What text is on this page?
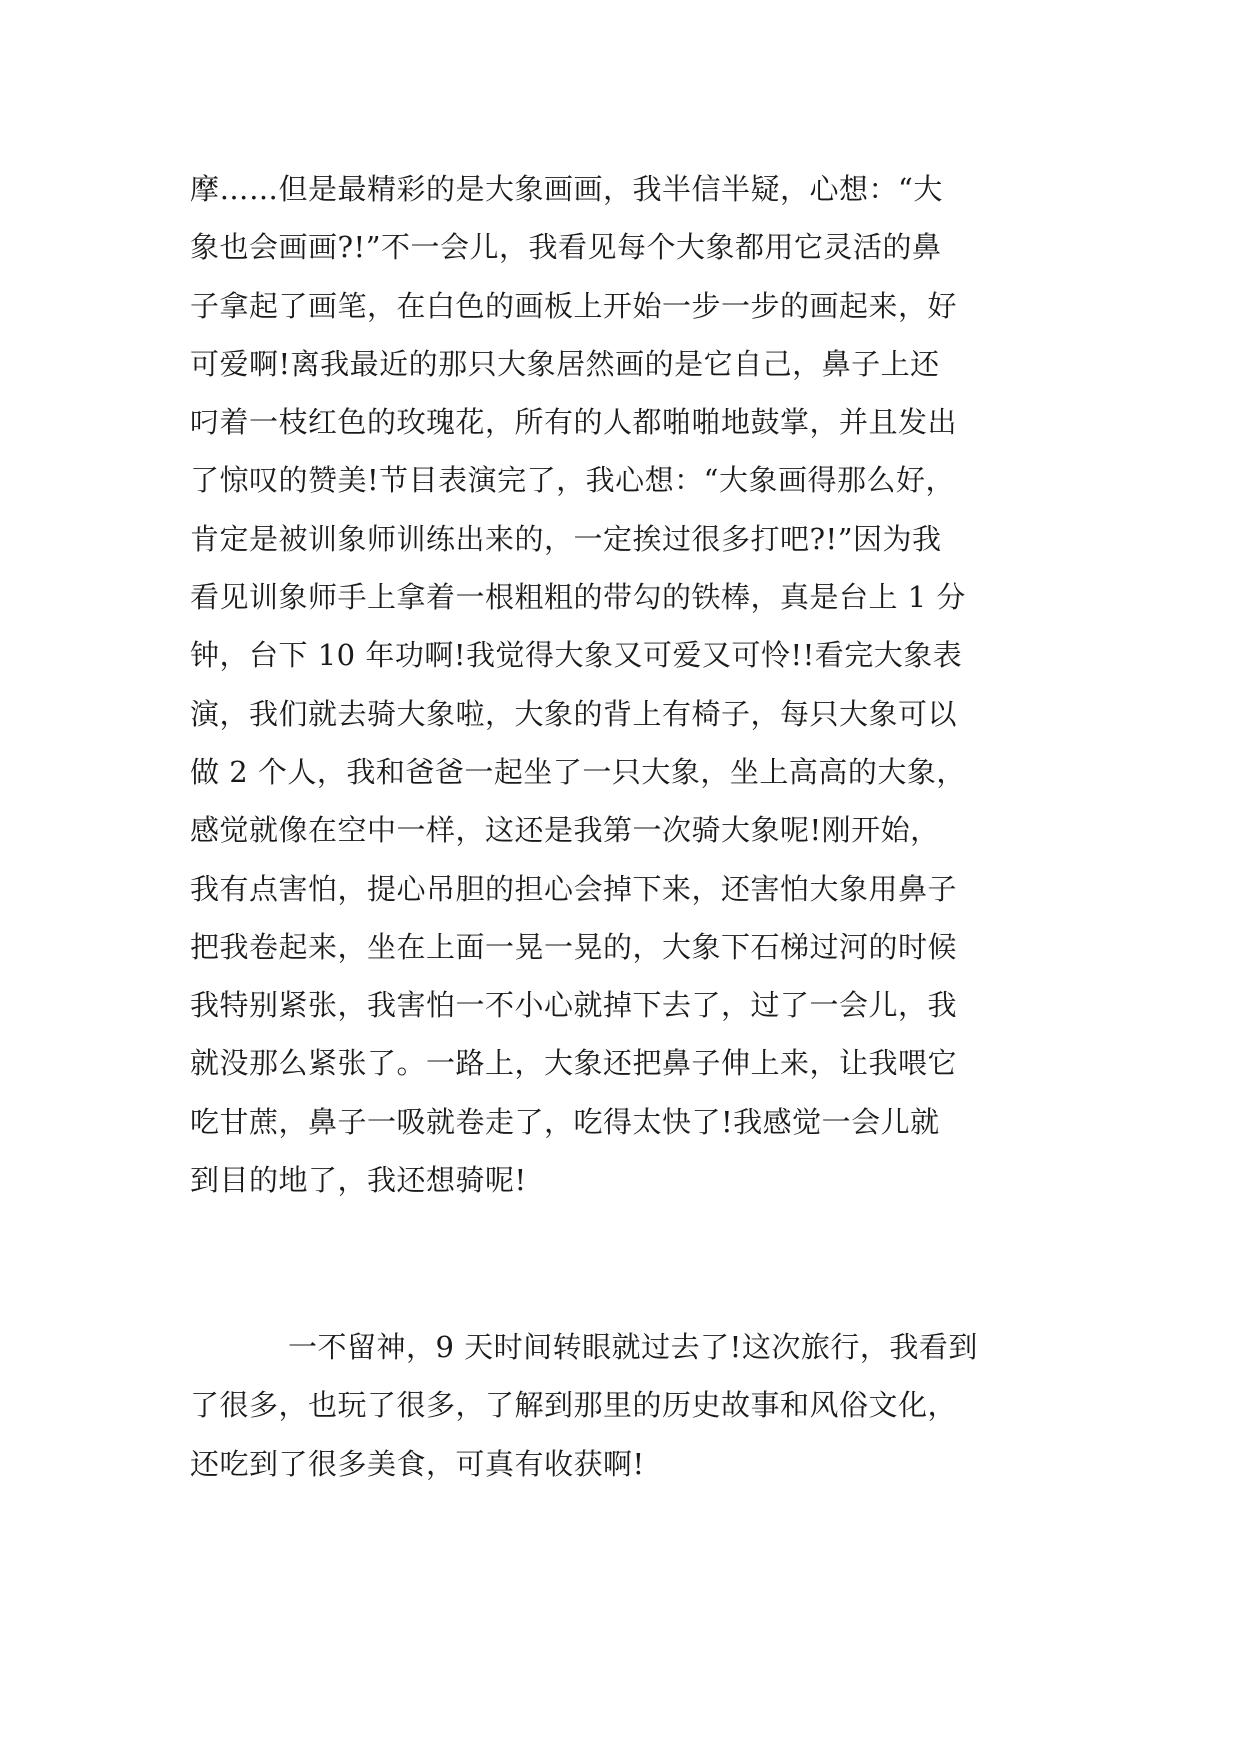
摩……但是最精彩的是大象画画，我半信半疑，心想：“大
象也会画画?!”不一会儿，我看见每个大象都用它灵活的鼻
子拿起了画笔，在白色的画板上开始一步一步的画起来，好
可爱啊!离我最近的那只大象居然画的是它自己，鼻子上还
叼着一枝红色的玫瑰花，所有的人都啪啪地鼓掌，并且发出
了惊叹的赞美!节目表演完了，我心想：“大象画得那么好，
肯定是被训象师训练出来的，一定挨过很多打吧?!”因为我
看见训象师手上拿着一根粗粗的带勾的铁棒，真是台上 1 分
钟，台下 10 年功啊!我觉得大象又可爱又可怜!!看完大象表
演，我们就去骑大象啦，大象的背上有椅子，每只大象可以
做 2 个人，我和爸爸一起坐了一只大象，坐上高高的大象，
感觉就像在空中一样，这还是我第一次骑大象呢!刚开始，
我有点害怕，提心吊胆的担心会掉下来，还害怕大象用鼻子
把我卷起来，坐在上面一晃一晃的，大象下石梯过河的时候
我特别紧张，我害怕一不小心就掉下去了，过了一会儿，我
就没那么紧张了。一路上，大象还把鼻子伸上来，让我喂它
吃甘蔗，鼻子一吸就卷走了，吃得太快了!我感觉一会儿就
到目的地了，我还想骑呢!
一不留神，9 天时间转眼就过去了!这次旅行，我看到
了很多，也玩了很多，了解到那里的历史故事和风俗文化，
还吃到了很多美食，可真有收获啊!
